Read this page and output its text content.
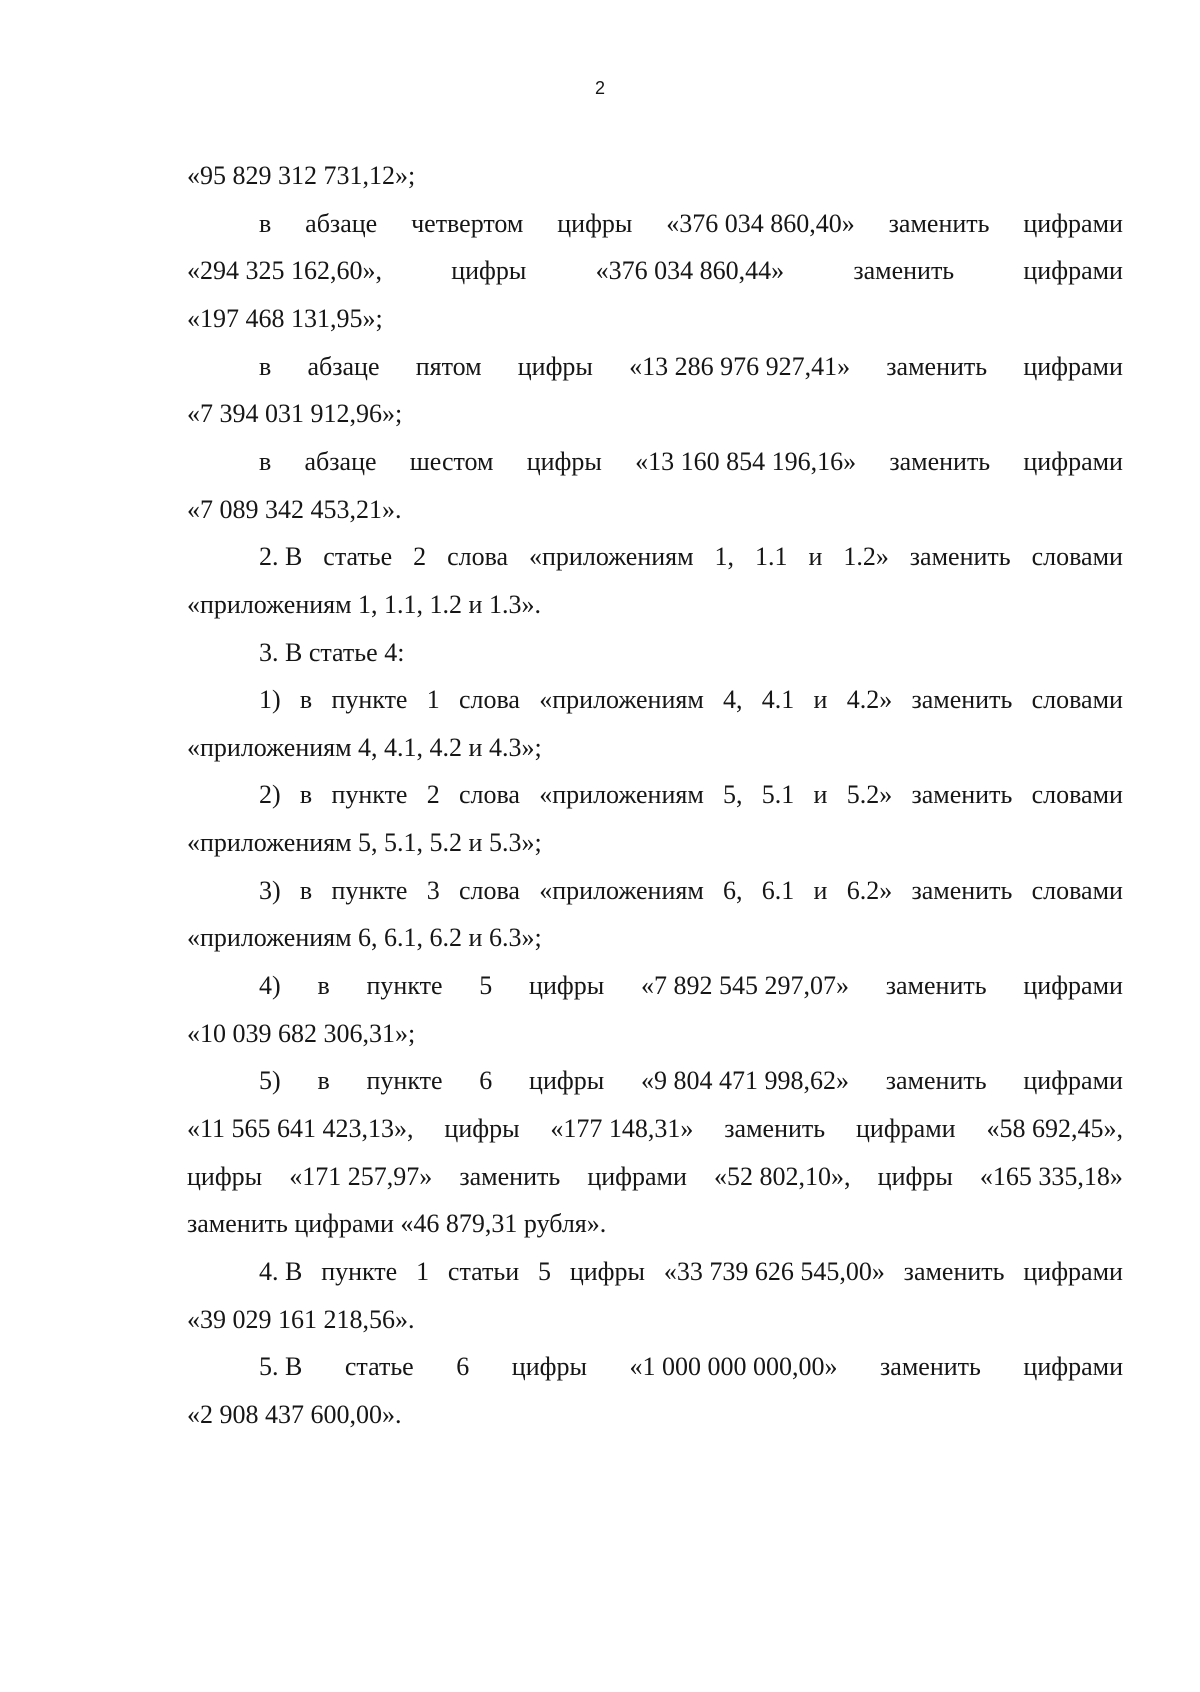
2
«95 829 312 731,12»;
в абзаце четвертом цифры «376 034 860,40» заменить цифрами
«294 325 162,60»,	цифры	«376 034 860,44»	заменить	цифрами
«197 468 131,95»;
в абзаце пятом цифры «13 286 976 927,41» заменить цифрами
«7 394 031 912,96»;
в абзаце шестом цифры «13 160 854 196,16» заменить цифрами
«7 089 342 453,21».
2. В статье 2 слова «приложениям 1, 1.1 и 1.2» заменить словами
«приложениям 1, 1.1, 1.2 и 1.3».
3. В статье 4:
1) в пункте 1 слова «приложениям 4, 4.1 и 4.2» заменить словами
«приложениям 4, 4.1, 4.2 и 4.3»;
2) в пункте 2 слова «приложениям 5, 5.1 и 5.2» заменить словами
«приложениям 5, 5.1, 5.2 и 5.3»;
3) в пункте 3 слова «приложениям 6, 6.1 и 6.2» заменить словами
«приложениям 6, 6.1, 6.2 и 6.3»;
4) в пункте 5 цифры «7 892 545 297,07» заменить цифрами
«10 039 682 306,31»;
5) в пункте 6 цифры «9 804 471 998,62» заменить цифрами
«11 565 641 423,13», цифры «177 148,31» заменить цифрами «58 692,45»,
цифры «171 257,97» заменить цифрами «52 802,10», цифры «165 335,18»
заменить цифрами «46 879,31 рубля».
4. В пункте 1 статьи 5 цифры «33 739 626 545,00» заменить цифрами
«39 029 161 218,56».
5. В статье 6 цифры «1 000 000 000,00» заменить цифрами
«2 908 437 600,00».
